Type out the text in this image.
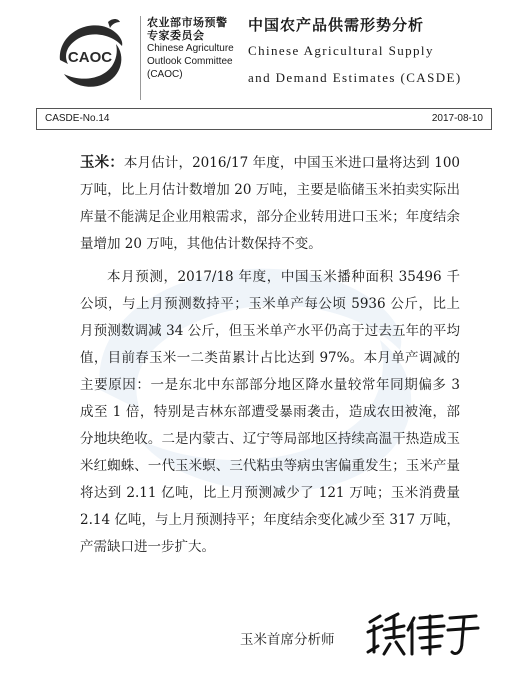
CAOC

农业部市场预警

专家委员会

Chinese Agriculture

Outlook Committee

(CAOC)

中国农产品供需形势分析

Chinese Agricultural Supply

and Demand Estimates (CASDE)

CASDE-No.14	2017-08-10

玉米：本月估计，2016/17 年度，中国玉米进口量将达到 100 万吨，比上月估计数增加 20 万吨，主要是临储玉米拍卖实际出库量不能满足企业用粮需求，部分企业转用进口玉米；年度结余量增加 20 万吨，其他估计数保持不变。

本月预测，2017/18 年度，中国玉米播种面积 35496 千公顷，与上月预测数持平；玉米单产每公顷 5936 公斤，比上月预测数调减 34 公斤，但玉米单产水平仍高于过去五年的平均值，目前春玉米一二类苗累计占比达到 97%。本月单产调减的主要原因：一是东北中东部部分地区降水量较常年同期偏多 3 成至 1 倍，特别是吉林东部遭受暴雨袭击，造成农田被淹，部分地块绝收。二是内蒙古、辽宁等局部地区持续高温干热造成玉米红蜘蛛、一代玉米螟、三代粘虫等病虫害偏重发生；玉米产量将达到 2.11 亿吨，比上月预测减少了 121 万吨；玉米消费量 2.14 亿吨，与上月预测持平；年度结余变化减少至 317 万吨，产需缺口进一步扩大。

玉米首席分析师
